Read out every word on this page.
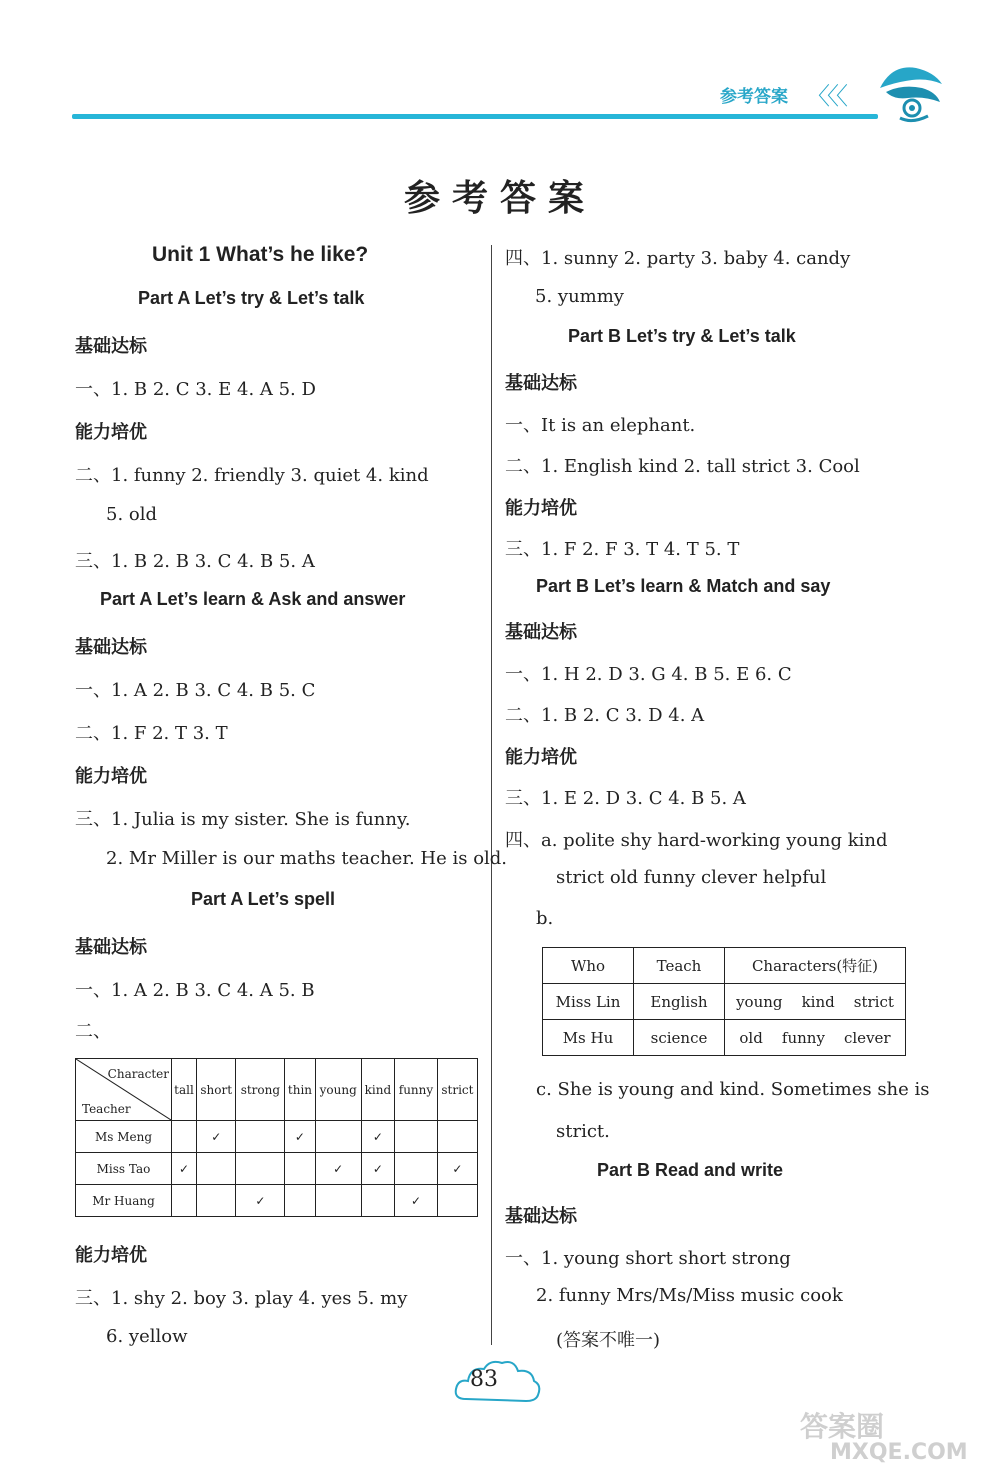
参考答案 〈〈〈
参考答案
Unit 1 What’s he like?
Part A Let’s try & Let’s talk
基础达标
一、1. B 2. C 3. E 4. A 5. D
能力培优
二、1. funny 2. friendly 3. quiet 4. kind
5. old
三、1. B 2. B 3. C 4. B 5. A
Part A Let’s learn & Ask and answer
基础达标
一、1. A 2. B 3. C 4. B 5. C
二、1. F 2. T 3. T
能力培优
三、1. Julia is my sister. She is funny.
2. Mr Miller is our maths teacher. He is old.
Part A Let’s spell
基础达标
一、1. A 2. B 3. C 4. A 5. B
二、
Character
Teacher	tall	short	strong	thin	young	kind	funny	strict
Ms Meng		✓		✓		✓		
Miss Tao	✓				✓	✓		✓
Mr Huang			✓				✓	
能力培优
三、1. shy 2. boy 3. play 4. yes 5. my
6. yellow
四、1. sunny 2. party 3. baby 4. candy
5. yummy
Part B Let’s try & Let’s talk
基础达标
一、It is an elephant.
二、1. English kind 2. tall strict 3. Cool
能力培优
三、1. F 2. F 3. T 4. T 5. T
Part B Let’s learn & Match and say
基础达标
一、1. H 2. D 3. G 4. B 5. E 6. C
二、1. B 2. C 3. D 4. A
能力培优
三、1. E 2. D 3. C 4. B 5. A
四、a. polite shy hard-working young kind
strict old funny clever helpful
b.
Who	Teach	Characters(特征)
Miss Lin	English	young    kind    strict
Ms Hu	science	old    funny    clever
c. She is young and kind. Sometimes she is
strict.
Part B Read and write
基础达标
一、1. young short short strong
2. funny Mrs/Ms/Miss music cook
(答案不唯一)
83
答案圈
MXQE.COM
